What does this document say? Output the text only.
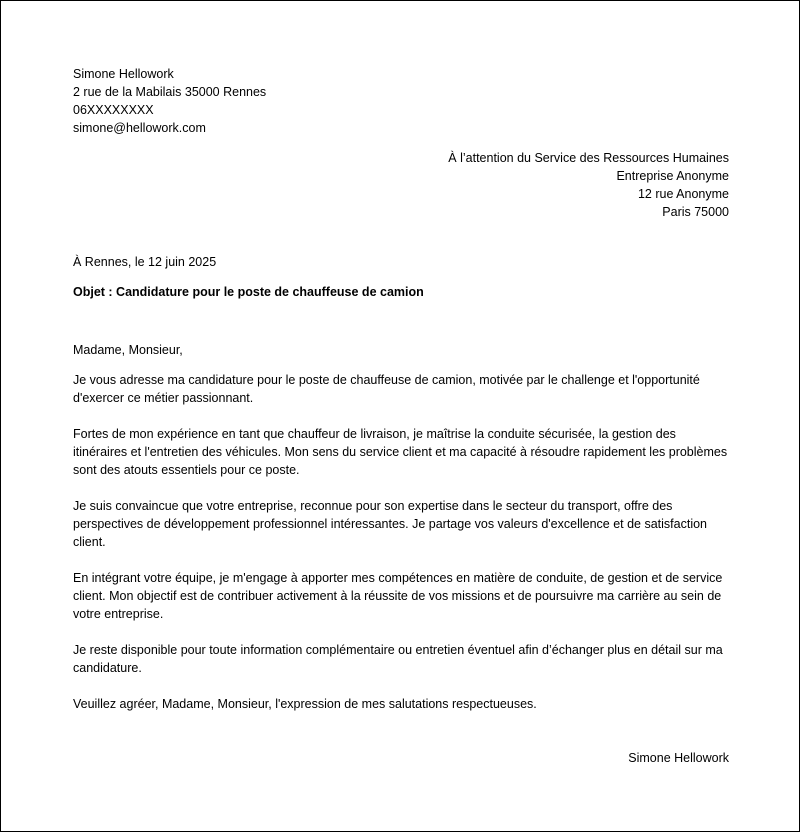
Simone Hellowork
2 rue de la Mabilais 35000 Rennes
06XXXXXXXX
simone@hellowork.com
À l’attention du Service des Ressources Humaines
Entreprise Anonyme
12 rue Anonyme
Paris 75000
À Rennes, le 12 juin 2025
Objet : Candidature pour le poste de chauffeuse de camion
Madame, Monsieur,

Je vous adresse ma candidature pour le poste de chauffeuse de camion, motivée par le challenge et l'opportunité d'exercer ce métier passionnant.

Fortes de mon expérience en tant que chauffeur de livraison, je maîtrise la conduite sécurisée, la gestion des itinéraires et l'entretien des véhicules. Mon sens du service client et ma capacité à résoudre rapidement les problèmes sont des atouts essentiels pour ce poste.

Je suis convaincue que votre entreprise, reconnue pour son expertise dans le secteur du transport, offre des perspectives de développement professionnel intéressantes. Je partage vos valeurs d'excellence et de satisfaction client.

En intégrant votre équipe, je m'engage à apporter mes compétences en matière de conduite, de gestion et de service client. Mon objectif est de contribuer activement à la réussite de vos missions et de poursuivre ma carrière au sein de votre entreprise.

Je reste disponible pour toute information complémentaire ou entretien éventuel afin d’échanger plus en détail sur ma candidature.

Veuillez agréer, Madame, Monsieur, l'expression de mes salutations respectueuses.

Simone Hellowork
